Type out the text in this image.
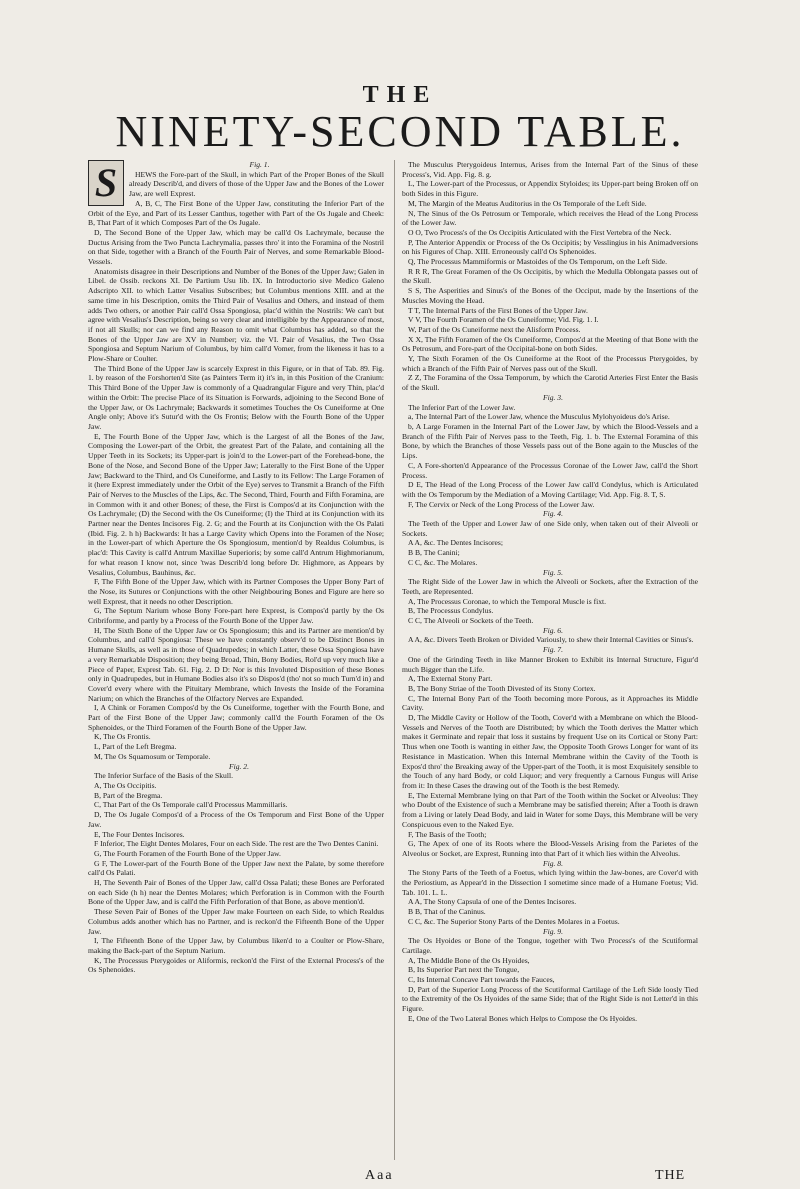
THE
NINETY-SECOND TABLE.
S	Fig. 1.

HEWS the Fore-part of the Skull, in which Part of the Proper Bones of the Skull already Describ'd, and divers of those of the Upper Jaw and the Bones of the Lower Jaw, are well Exprest.

A, B, C, The First Bone of the Upper Jaw, constituting the Inferior Part of the Orbit of the Eye, and Part of its Lesser Canthus, together with Part of the Os Jugale and Cheek: B, That Part of it which Composes Part of the Os Jugale.

D, The Second Bone of the Upper Jaw, which may be call'd Os Lachrymale, because the Ductus Arising from the Two Puncta Lachrymalia, passes thro' it into the Foramina of the Nostril on that Side, together with a Branch of the Fourth Pair of Nerves, and some Remarkable Blood-Vessels.

Anatomists disagree in their Descriptions and Number of the Bones of the Upper Jaw; Galen in Libel. de Ossib. reckons XI. De Partium Usu lib. IX. In Introductorio sive Medico Galeno Adscripto XII. to which Latter Vesalius Subscribes; but Columbus mentions XIII. and at the same time in his Description, omits the Third Pair of Vesalius and Others, and instead of them adds Two others, or another Pair call'd Ossa Spongiosa, plac'd within the Nostrils: We can't but agree with Vesalius's Description, being so very clear and intelligible by the Appearance of most, if not all Skulls; nor can we find any Reason to omit what Columbus has added, so that the Bones of the Upper Jaw are XV in Number; viz. the VI. Pair of Vesalius, the Two Ossa Spongiosa and Septum Narium of Columbus, by him call'd Vomer, from the likeness it has to a Plow-Share or Coulter.

The Third Bone of the Upper Jaw is scarcely Exprest in this Figure, or in that of Tab. 89. Fig. 1. by reason of the Forshorten'd Site (as Painters Term it) it's in, in this Position of the Cranium: This Third Bone of the Upper Jaw is commonly of a Quadrangular Figure and very Thin, plac'd within the Orbit: The precise Place of its Situation is Forwards, adjoining to the Second Bone of the Upper Jaw, or Os Lachrymale; Backwards it sometimes Touches the Os Cuneiforme at One Angle only; Above it's Sutur'd with the Os Frontis; Below with the Fourth Bone of the Upper Jaw.

E, The Fourth Bone of the Upper Jaw, which is the Largest of all the Bones of the Jaw, Composing the Lower-part of the Orbit, the greatest Part of the Palate, and containing all the Upper Teeth in its Sockets; its Upper-part is join'd to the Lower-part of the Forehead-bone, the Bone of the Nose, and Second Bone of the Upper Jaw; Laterally to the First Bone of the Upper Jaw; Backward to the Third, and Os Cuneiforme, and Lastly to its Fellow: The Large Foramen of it (here Exprest immediately under the Orbit of the Eye) serves to Transmit a Branch of the Fifth Pair of Nerves to the Muscles of the Lips, &c. The Second, Third, Fourth and Fifth Foramina, are in Common with it and other Bones; of these, the First is Compos'd at its Conjunction with the Os Lachrymale; (D) the Second with the Os Cuneiforme; (I) the Third at its Conjunction with its Partner near the Dentes Incisores Fig. 2. G; and the Fourth at its Conjunction with the Os Palati (Ibid. Fig. 2. h h) Backwards: It has a Large Cavity which Opens into the Foramen of the Nose; in the Lower-part of which Aperture the Os Spongiosum, mention'd by Realdus Columbus, is plac'd: This Cavity is call'd Antrum Maxillae Superioris; by some call'd Antrum Highmorianum, for what reason I know not, since 'twas Describ'd long before Dr. Highmore, as Appears by Vesalius, Columbus, Bauhinus, &c.

F, The Fifth Bone of the Upper Jaw, which with its Partner Composes the Upper Bony Part of the Nose, its Sutures or Conjunctions with the other Neighbouring Bones and Figure are here so well Exprest, that it needs no other Description.

G, The Septum Narium whose Bony Fore-part here Exprest, is Compos'd partly by the Os Cribriforme, and partly by a Process of the Fourth Bone of the Upper Jaw.

H, The Sixth Bone of the Upper Jaw or Os Spongiosum; this and its Partner are mention'd by Columbus, and call'd Spongiosa: These we have constantly observ'd to be Distinct Bones in Humane Skulls, as well as in those of Quadrupedes; in which Latter, these Ossa Spongiosa have a very Remarkable Disposition; they being Broad, Thin, Bony Bodies, Rol'd up very much like a Piece of Paper, Exprest Tab. 61. Fig. 2. D D: Nor is this Involuted Disposition of these Bones only in Quadrupedes, but in Humane Bodies also it's so Dispos'd (tho' not so much Turn'd in) and Cover'd every where with the Pituitary Membrane, which Invests the Inside of the Foramina Narium; on which the Branches of the Olfactory Nerves are Expanded.

I, A Chink or Foramen Compos'd by the Os Cuneiforme, together with the Fourth Bone, and Part of the First Bone of the Upper Jaw; commonly call'd the Fourth Foramen of the Os Sphenoides, or the Third Foramen of the Fourth Bone of the Upper Jaw.

K, The Os Frontis.

L, Part of the Left Bregma.

M, The Os Squamosum or Temporale.

Fig. 2.

The Inferior Surface of the Basis of the Skull.

A, The Os Occipitis.

B, Part of the Bregma.

C, That Part of the Os Temporale call'd Processus Mammillaris.

D, The Os Jugale Compos'd of a Process of the Os Temporum and First Bone of the Upper Jaw.

E, The Four Dentes Incisores.

F Inferior, The Eight Dentes Molares, Four on each Side. The rest are the Two Dentes Canini.

G, The Fourth Foramen of the Fourth Bone of the Upper Jaw.

G F, The Lower-part of the Fourth Bone of the Upper Jaw next the Palate, by some therefore call'd Os Palati.

H, The Seventh Pair of Bones of the Upper Jaw, call'd Ossa Palati; these Bones are Perforated on each Side (h h) near the Dentes Molares; which Perforation is in Common with the Fourth Bone of the Upper Jaw, and is call'd the Fifth Perforation of that Bone, as above mention'd.

These Seven Pair of Bones of the Upper Jaw make Fourteen on each Side, to which Realdus Columbus adds another which has no Partner, and is reckon'd the Fifteenth Bone of the Upper Jaw.

I, The Fifteenth Bone of the Upper Jaw, by Columbus liken'd to a Coulter or Plow-Share, making the Back-part of the Septum Narium.

K, The Processus Pterygoides or Aliformis, reckon'd the First of the External Process's of the Os Sphenoides.

The Musculus Pterygoideus Internus, Arises from the Internal Part of the Sinus of these Process's, Vid. App. Fig. 8. g.

L, The Lower-part of the Processus, or Appendix Styloides; its Upper-part being Broken off on both Sides in this Figure.

M, The Margin of the Meatus Auditorius in the Os Temporale of the Left Side.

N, The Sinus of the Os Petrosum or Temporale, which receives the Head of the Long Process of the Lower Jaw.

O O, Two Process's of the Os Occipitis Articulated with the First Vertebra of the Neck.

P, The Anterior Appendix or Process of the Os Occipitis; by Vesslingius in his Animadversions on his Figures of Chap. XIII. Erroneously call'd Os Sphenoides.

Q, The Processus Mammiformis or Mastoides of the Os Temporum, on the Left Side.

R R R, The Great Foramen of the Os Occipitis, by which the Medulla Oblongata passes out of the Skull.

S S, The Asperities and Sinus's of the Bones of the Occiput, made by the Insertions of the Muscles Moving the Head.

T T, The Internal Parts of the First Bones of the Upper Jaw.

V V, The Fourth Foramen of the Os Cuneiforme; Vid. Fig. 1. I.

W, Part of the Os Cuneiforme next the Alisform Process.

X X, The Fifth Foramen of the Os Cuneiforme, Compos'd at the Meeting of that Bone with the Os Petrosum, and Fore-part of the Occipital-bone on both Sides.

Y, The Sixth Foramen of the Os Cuneiforme at the Root of the Processus Pterygoides, by which a Branch of the Fifth Pair of Nerves pass out of the Skull.

Z Z, The Foramina of the Ossa Temporum, by which the Carotid Arteries First Enter the Basis of the Skull.

Fig. 3.

The Inferior Part of the Lower Jaw.

a, The Internal Part of the Lower Jaw, whence the Musculus Mylohyoideus do's Arise.

b, A Large Foramen in the Internal Part of the Lower Jaw, by which the Blood-Vessels and a Branch of the Fifth Pair of Nerves pass to the Teeth, Fig. 1. b. The External Foramina of this Bone, by which the Branches of those Vessels pass out of the Bone again to the Muscles of the Lips.

C, A Fore-shorten'd Appearance of the Processus Coronae of the Lower Jaw, call'd the Short Process.

D E, The Head of the Long Process of the Lower Jaw call'd Condylus, which is Articulated with the Os Temporum by the Mediation of a Moving Cartilage; Vid. App. Fig. 8. T, S.

F, The Cervix or Neck of the Long Process of the Lower Jaw.

Fig. 4.

The Teeth of the Upper and Lower Jaw of one Side only, when taken out of their Alveoli or Sockets.

A A, &c. The Dentes Incisores;

B B, The Canini;

C C, &c. The Molares.

Fig. 5.

The Right Side of the Lower Jaw in which the Alveoli or Sockets, after the Extraction of the Teeth, are Represented.

A, The Processus Coronae, to which the Temporal Muscle is fixt.

B, The Processus Condylus.

C C, The Alveoli or Sockets of the Teeth.

Fig. 6.

A A, &c. Divers Teeth Broken or Divided Variously, to shew their Internal Cavities or Sinus's.

Fig. 7.

One of the Grinding Teeth in like Manner Broken to Exhibit its Internal Structure, Figur'd much Bigger than the Life.

A, The External Stony Part.

B, The Bony Striae of the Tooth Divested of its Stony Cortex.

C, The Internal Bony Part of the Tooth becoming more Porous, as it Approaches its Middle Cavity.

D, The Middle Cavity or Hollow of the Tooth, Cover'd with a Membrane on which the Blood-Vessels and Nerves of the Tooth are Distributed; by which the Tooth derives the Matter which makes it Germinate and repair that loss it sustains by frequent Use on its Cortical or Stony Part: Thus when one Tooth is wanting in either Jaw, the Opposite Tooth Grows Longer for want of its Resistance in Mastication. When this Internal Membrane within the Cavity of the Tooth is Expos'd thro' the Breaking away of the Upper-part of the Tooth, it is most Exquisitely sensible to the Touch of any hard Body, or cold Liquor; and very frequently a Carnous Fungus will Arise from it: In these Cases the drawing out of the Tooth is the best Remedy.

E, The External Membrane lying on that Part of the Tooth within the Socket or Alveolus: They who Doubt of the Existence of such a Membrane may be satisfied therein; After a Tooth is drawn from a Living or lately Dead Body, and laid in Water for some Days, this Membrane will be very Conspicuous even to the Naked Eye.

F, The Basis of the Tooth;

G, The Apex of one of its Roots where the Blood-Vessels Arising from the Parietes of the Alveolus or Socket, are Exprest, Running into that Part of it which lies within the Alveolus.

Fig. 8.

The Stony Parts of the Teeth of a Foetus, which lying within the Jaw-bones, are Cover'd with the Periostium, as Appear'd in the Dissection I sometime since made of a Humane Foetus; Vid. Tab. 101. L. L.

A A, The Stony Capsula of one of the Dentes Incisores.

B B, That of the Caninus.

C C, &c. The Superior Stony Parts of the Dentes Molares in a Foetus.

Fig. 9.

The Os Hyoides or Bone of the Tongue, together with Two Process's of the Scutiformal Cartilage.

A, The Middle Bone of the Os Hyoides,

B, Its Superior Part next the Tongue,

C, Its Internal Concave Part towards the Fauces,

D, Part of the Superior Long Process of the Scutiformal Cartilage of the Left Side loosly Tied to the Extremity of the Os Hyoides of the same Side; that of the Right Side is not Letter'd in this Figure.

E, One of the Two Lateral Bones which Helps to Compose the Os Hyoides.

Aaa	THE
